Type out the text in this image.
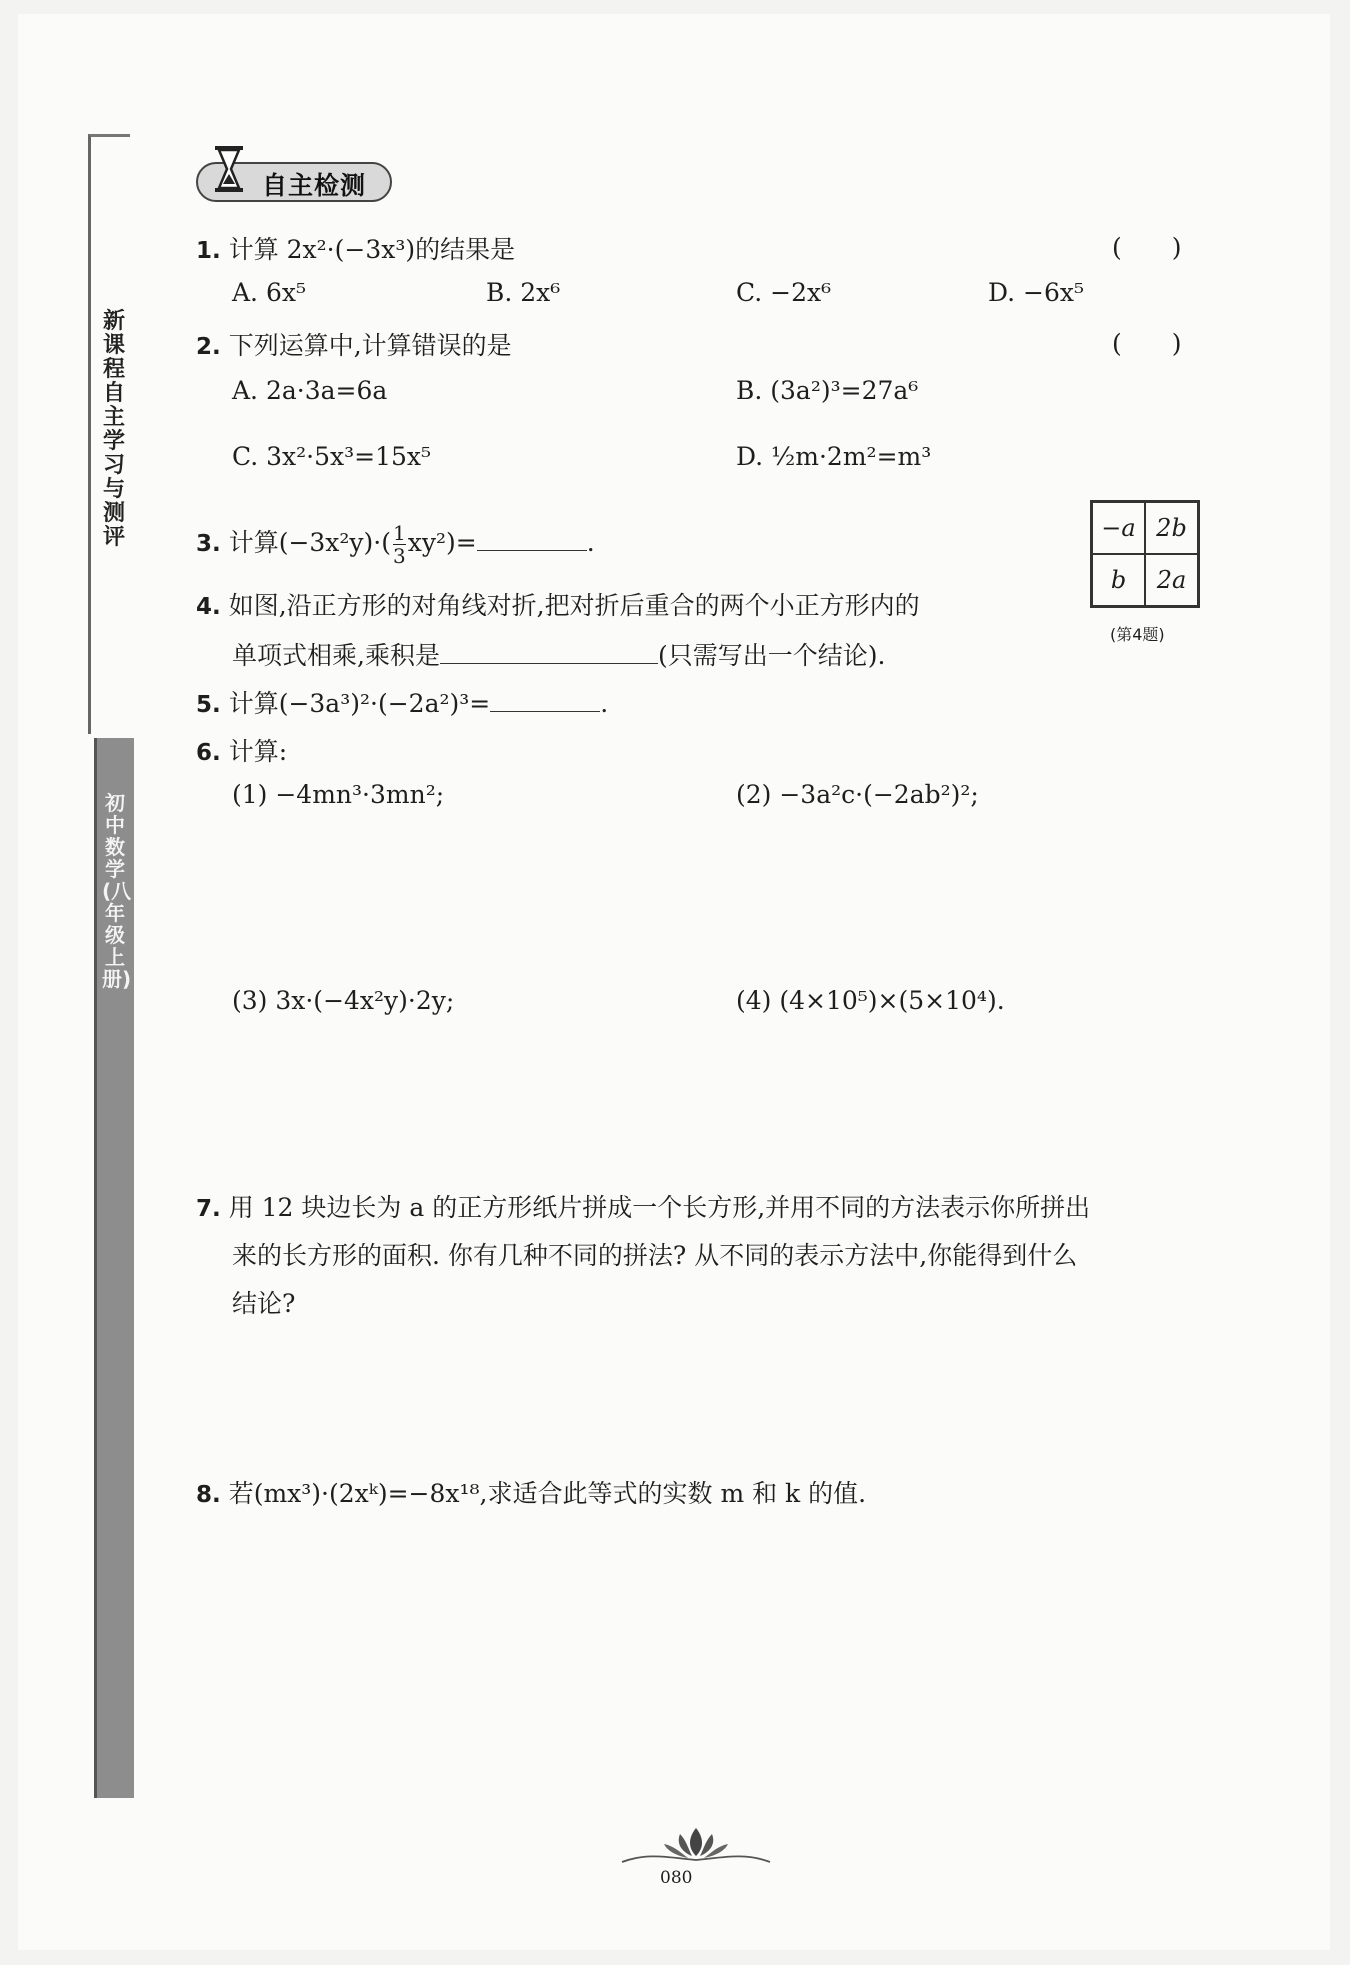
新课程自主学习与测评
初中数学(八年级上册)
自主检测
1. 计算 2x²·(−3x³)的结果是	(　　)
A. 6x⁵	B. 2x⁶	C. −2x⁶	D. −6x⁵
2. 下列运算中,计算错误的是	(　　)
A. 2a·3a=6a	B. (3a²)³=27a⁶
C. 3x²·5x³=15x⁵	D. ½m·2m²=m³
3. 计算$(-3x^2y)\cdot( \frac{1}{3} xy^2)=$	.	−a 2b
b	2a
(第4题)
4. 如图,沿正方形的对角线对折,把对折后重合的两个小正方形内的
单项式相乘,乘积是	(只需写出一个结论).
5. 计算(−3a³)²·(−2a²)³=	.
6. 计算:
(1) −4mn³·3mn²;	(2) −3a²c·(−2ab²)²;
(3) 3x·(−4x²y)·2y;	(4) (4×10⁵)×(5×10⁴).
7. 用 12 块边长为 a 的正方形纸片拼成一个长方形,并用不同的方法表示你所拼出
来的长方形的面积. 你有几种不同的拼法? 从不同的表示方法中,你能得到什么
结论?
8. 若(mx³)·(2xᵏ)=−8x¹⁸,求适合此等式的实数 m 和 k 的值.
080
